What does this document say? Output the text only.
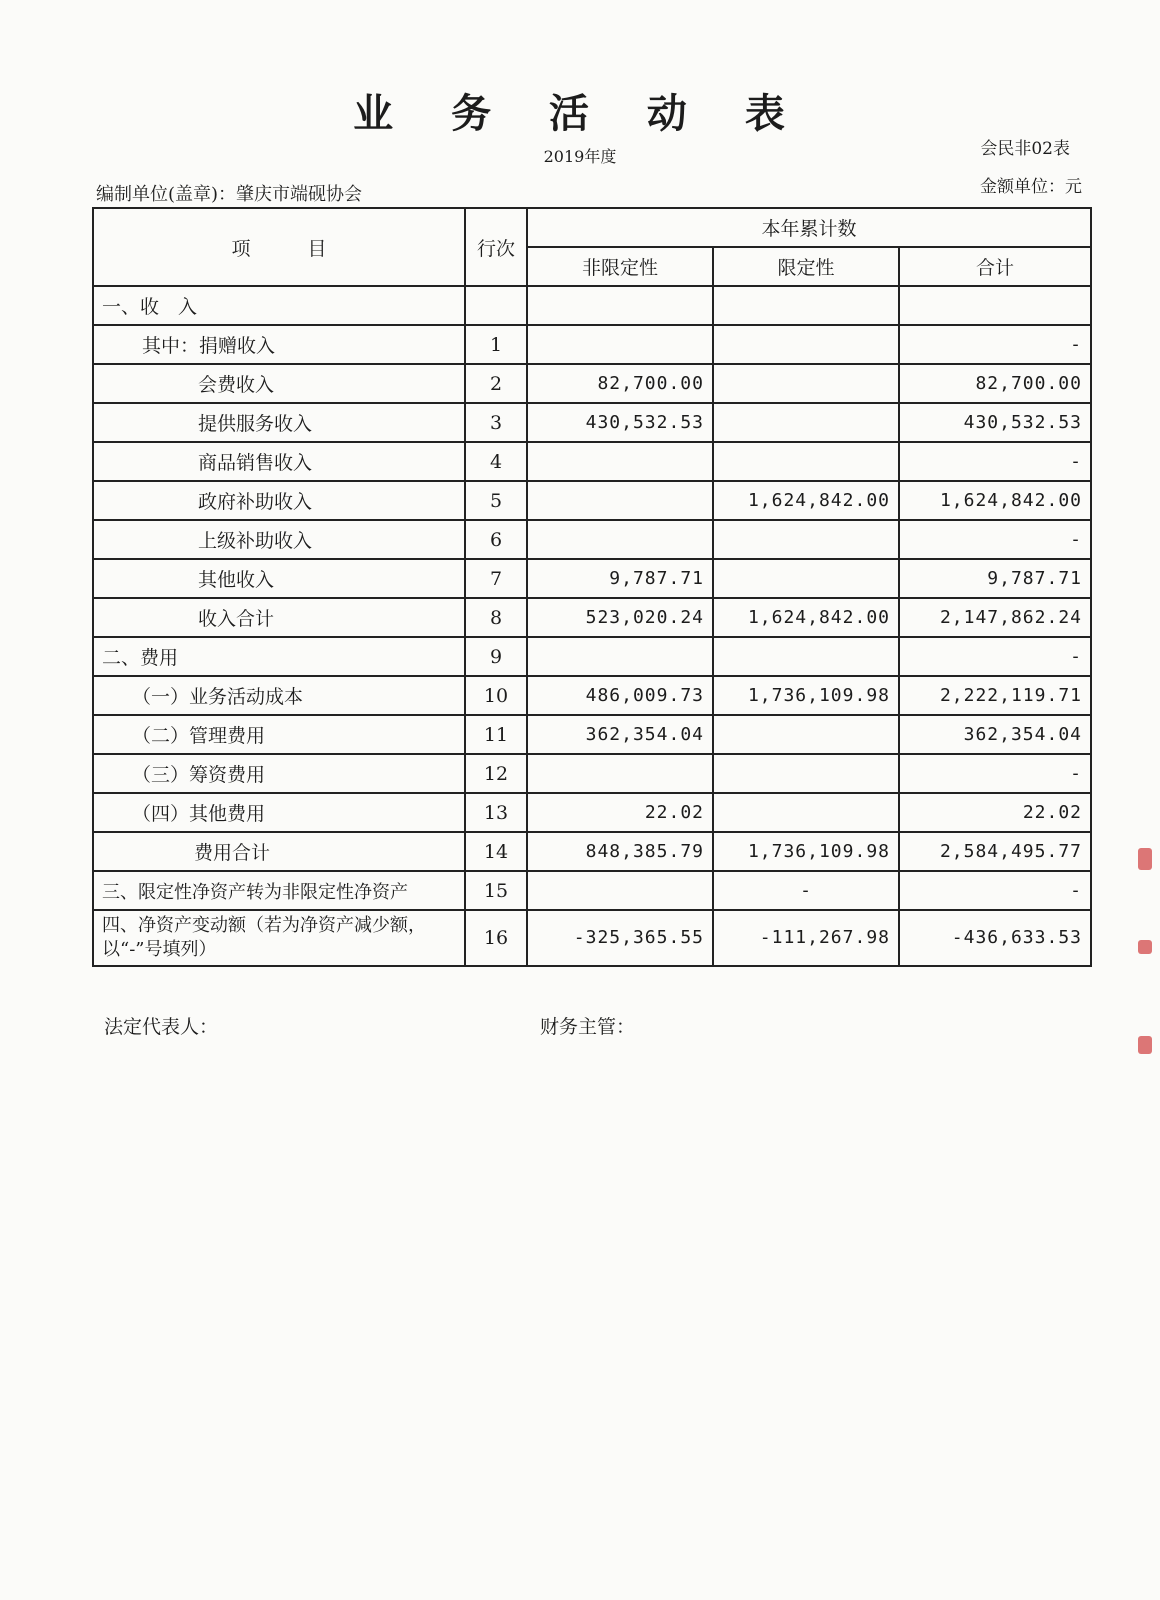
业 务 活 动 表
2019年度	会民非02表
金额单位：元
编制单位(盖章)：肇庆市端砚协会
项　　　目	行次	本年累计数		
		非限定性	限定性	合计
一、收　入				
其中：捐赠收入	1			-
会费收入	2	82,700.00		82,700.00
提供服务收入	3	430,532.53		430,532.53
商品销售收入	4			-
政府补助收入	5		1,624,842.00	1,624,842.00
上级补助收入	6			-
其他收入	7	9,787.71		9,787.71
收入合计	8	523,020.24	1,624,842.00	2,147,862.24
二、费用	9			-
（一）业务活动成本	10	486,009.73	1,736,109.98	2,222,119.71
（二）管理费用	11	362,354.04		362,354.04
（三）筹资费用	12			-
（四）其他费用	13	22.02		22.02
费用合计	14	848,385.79	1,736,109.98	2,584,495.77
三、限定性净资产转为非限定性净资产	15		-	-
四、净资产变动额（若为净资产减少额，以“-”号填列）	16	-325,365.55	-111,267.98	-436,633.53
法定代表人：	财务主管：
